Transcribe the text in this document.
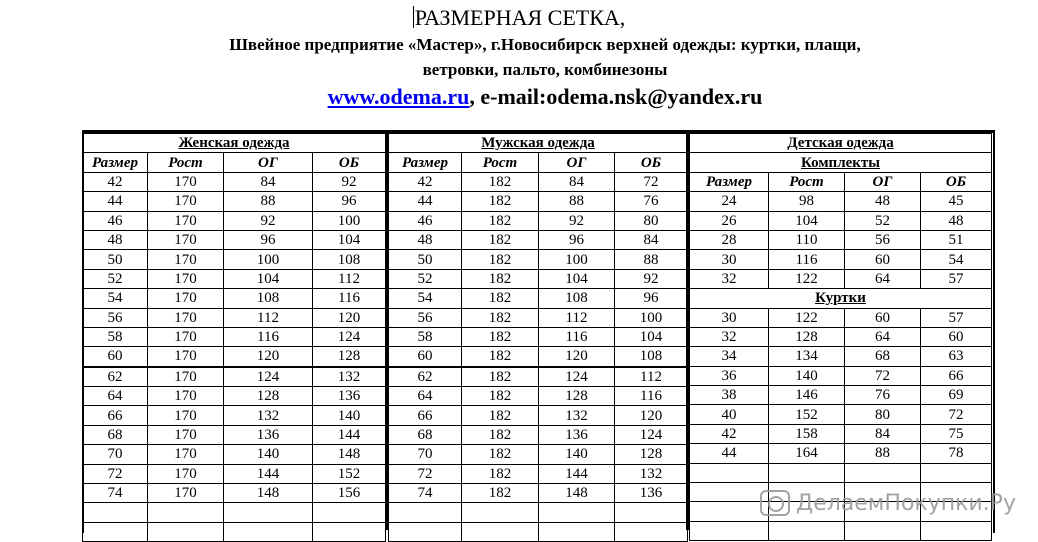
РАЗМЕРНАЯ СЕТКА,
Швейное предприятие «Мастер», г.Новосибирск верхней одежды: куртки, плащи,
ветровки, пальто, комбинезоны
www.odema.ru, e-mail:odema.nsk@yandex.ru
Женская одежда			
Размер	Рост	ОГ	ОБ
42	170	84	92
44	170	88	96
46	170	92	100
48	170	96	104
50	170	100	108
52	170	104	112
54	170	108	116
56	170	112	120
58	170	116	124
60	170	120	128
62	170	124	132
64	170	128	136
66	170	132	140
68	170	136	144
70	170	140	148
72	170	144	152
74	170	148	156

Мужская одежда			
Размер	Рост	ОГ	ОБ
42	182	84	72
44	182	88	76
46	182	92	80
48	182	96	84
50	182	100	88
52	182	104	92
54	182	108	96
56	182	112	100
58	182	116	104
60	182	120	108
62	182	124	112
64	182	128	116
66	182	132	120
68	182	136	124
70	182	140	128
72	182	144	132
74	182	148	136

Детская одежда			
Комплекты			
Размер	Рост	ОГ	ОБ
24	98	48	45
26	104	52	48
28	110	56	51
30	116	60	54
32	122	64	57
Куртки			
30	122	60	57
32	128	64	60
34	134	68	63
36	140	72	66
38	146	76	69
40	152	80	72
42	158	84	75
44	164	88	78

ДелаемПокупки.Ру
